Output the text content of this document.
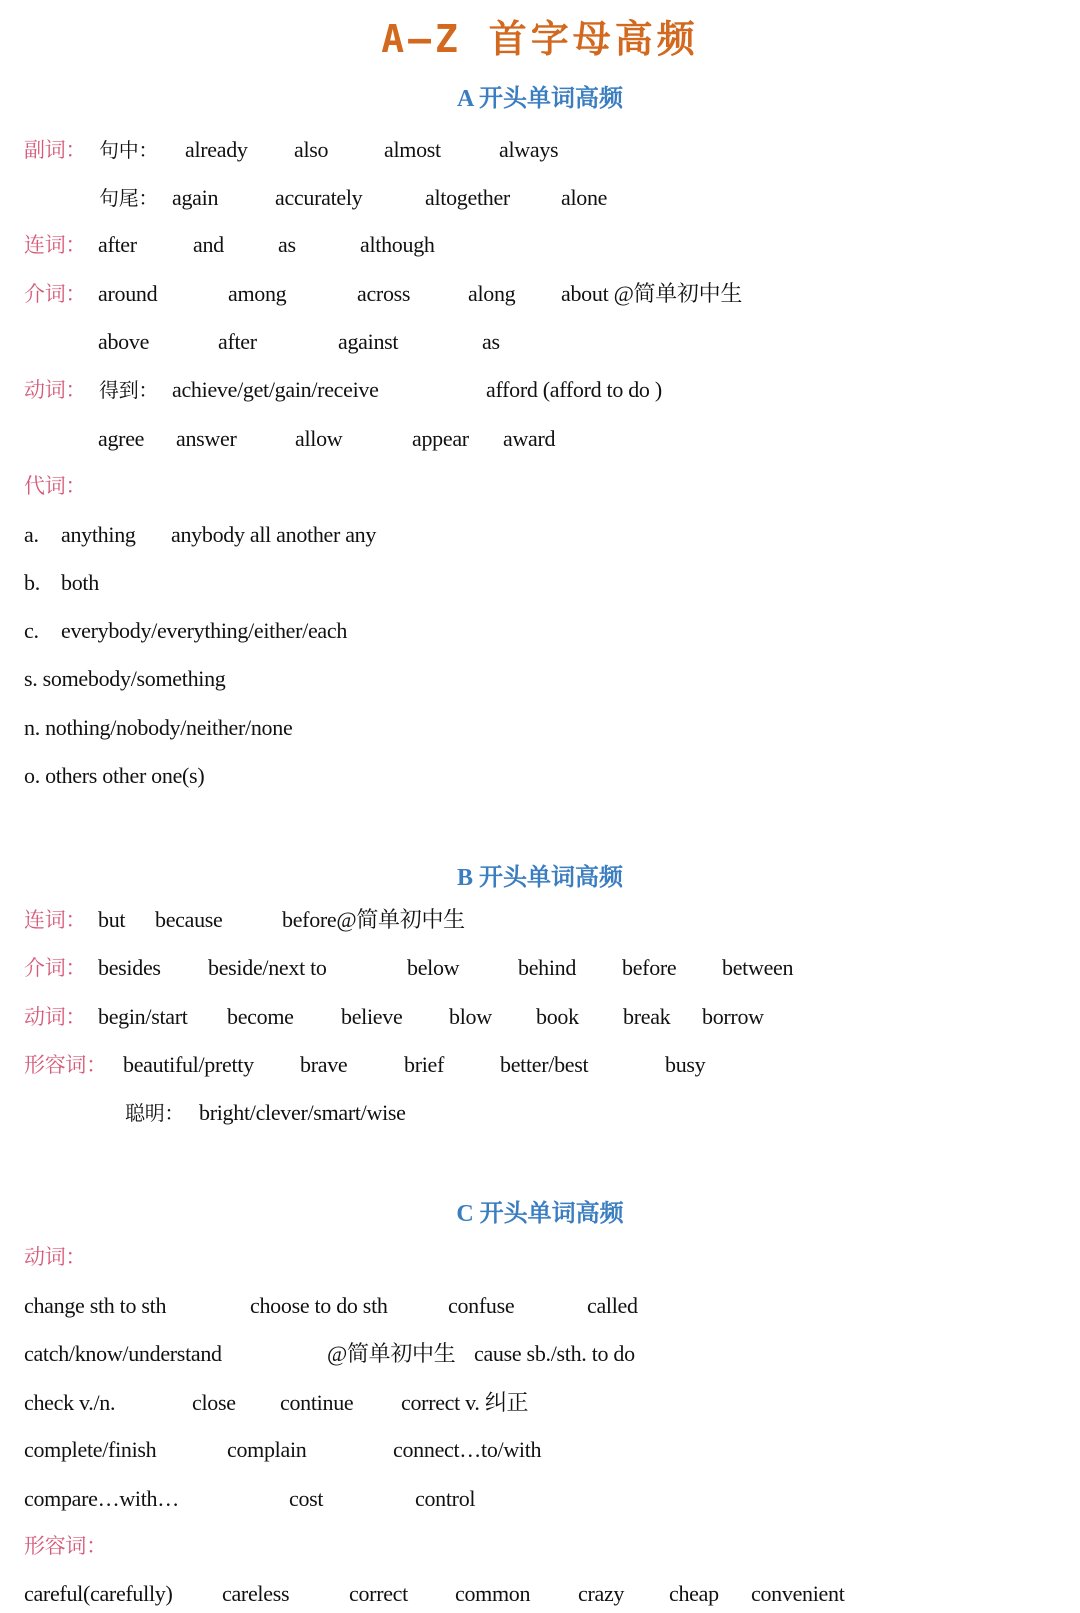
A—Z 首字母高频
A 开头单词高频
B 开头单词高频
C 开头单词高频
副词： 句中： already also	almost	always
句尾： again	accurately	altogether alone
连词： after	and as	although
介词： around	among	across	along about @简单初中生
above	after	against	as
动词： 得到： achieve/get/gain/receive	afford (afford to do )
agree answer	allow	appear award
代词：
a. anything anybody all another any
b. both
c. everybody/everything/either/each
s. somebody/something
n. nothing/nobody/neither/none
o. others other one(s)
连词： but because	before@简单初中生
介词： besides beside/next to	below	behind before between
动词： begin/start become believe blow book break borrow
形容词： beautiful/pretty brave	brief	better/best	busy
聪明： bright/clever/smart/wise
动词：
change sth to sth	choose to do sth	confuse	called
catch/know/understand	@简单初中生 cause sb./sth. to do
check v./n.	close continue correct v. 纠正
complete/finish	complain	connect…to/with
compare…with…	cost	control
形容词：
careful(carefully) careless	correct common crazy cheap convenient
